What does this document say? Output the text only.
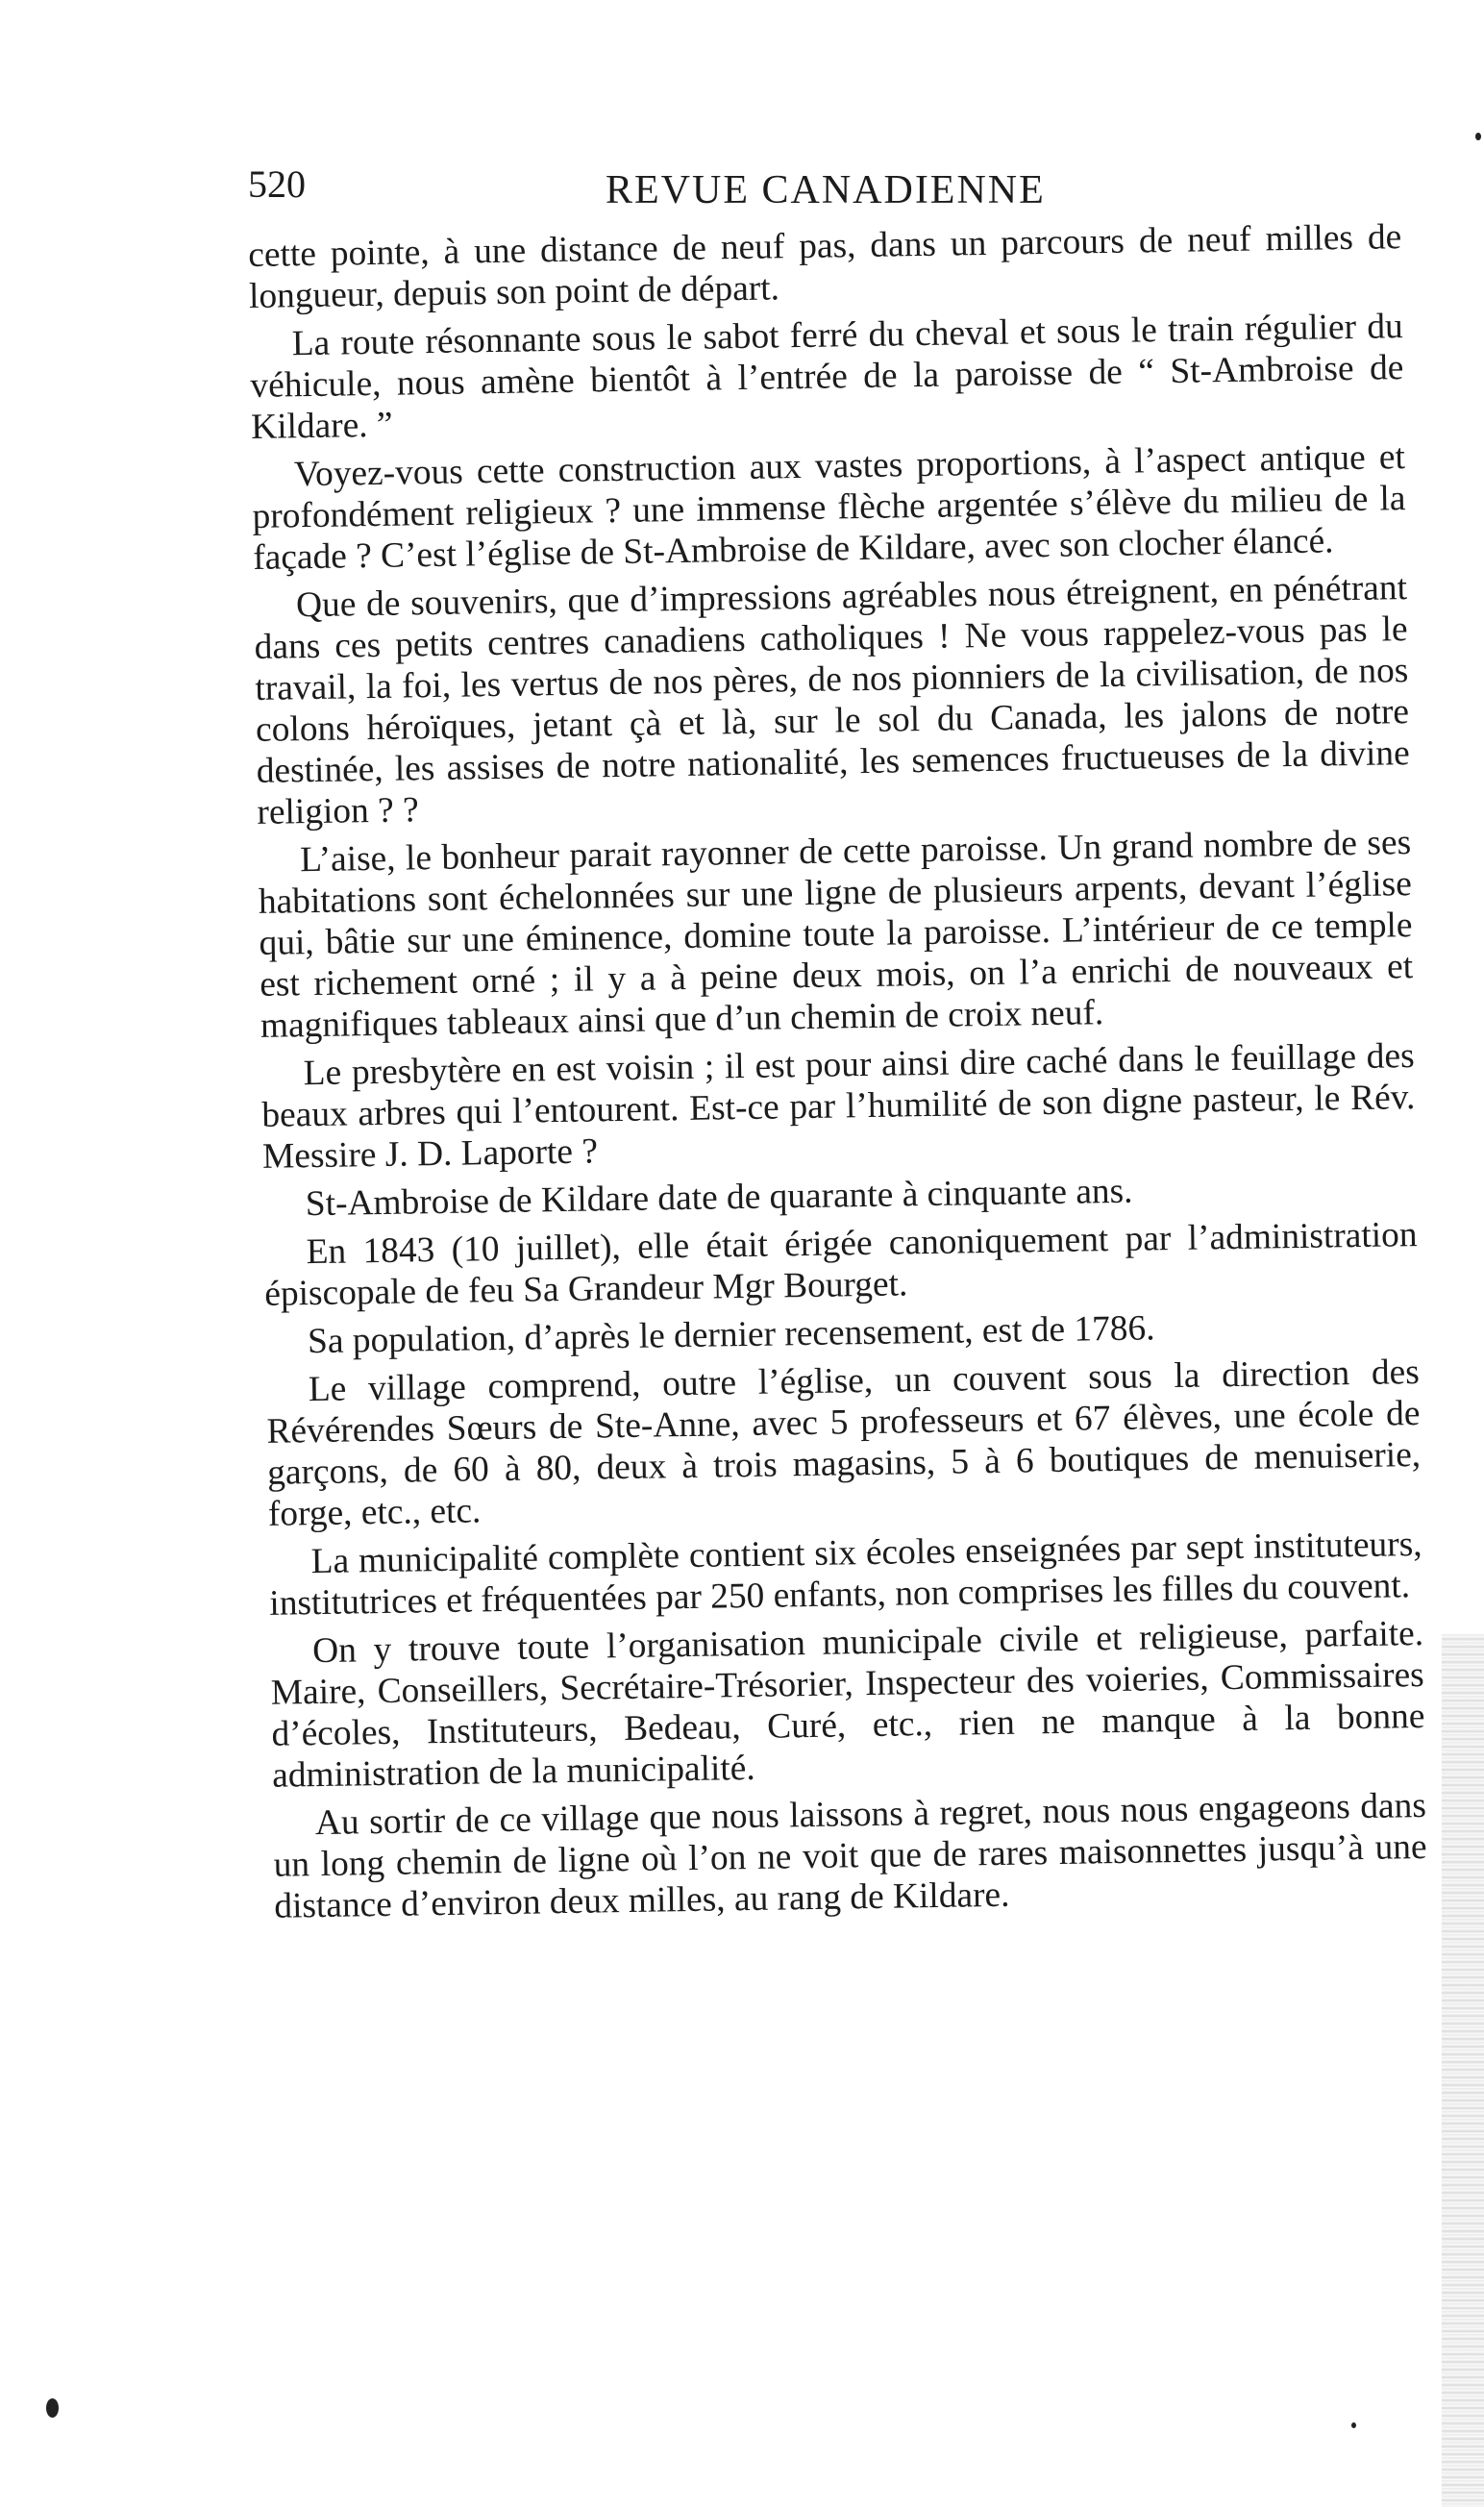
520	REVUE CANADIENNE

cette pointe, à une distance de neuf pas, dans un parcours de neuf milles de longueur, depuis son point de départ.

La route résonnante sous le sabot ferré du cheval et sous le train régulier du véhicule, nous amène bientôt à l’entrée de la paroisse de “ St-Ambroise de Kildare. ”

Voyez-vous cette construction aux vastes proportions, à l’aspect antique et profondément religieux ? une immense flèche argentée s’élève du milieu de la façade ? C’est l’église de St-Ambroise de Kildare, avec son clocher élancé.

Que de souvenirs, que d’impressions agréables nous étreignent, en pénétrant dans ces petits centres canadiens catholiques ! Ne vous rappelez-vous pas le travail, la foi, les vertus de nos pères, de nos pionniers de la civilisation, de nos colons héroïques, jetant çà et là, sur le sol du Canada, les jalons de notre destinée, les assises de notre nationalité, les semences fructueuses de la divine religion ? ?

L’aise, le bonheur parait rayonner de cette paroisse. Un grand nombre de ses habitations sont échelonnées sur une ligne de plusieurs arpents, devant l’église qui, bâtie sur une éminence, domine toute la paroisse. L’intérieur de ce temple est richement orné ; il y a à peine deux mois, on l’a enrichi de nouveaux et magnifiques tableaux ainsi que d’un chemin de croix neuf.

Le presbytère en est voisin ; il est pour ainsi dire caché dans le feuillage des beaux arbres qui l’entourent. Est-ce par l’humilité de son digne pasteur, le Rév. Messire J. D. Laporte ?

St-Ambroise de Kildare date de quarante à cinquante ans.

En 1843 (10 juillet), elle était érigée canoniquement par l’administration épiscopale de feu Sa Grandeur Mgr Bourget.

Sa population, d’après le dernier recensement, est de 1786.

Le village comprend, outre l’église, un couvent sous la direction des Révérendes Sœurs de Ste-Anne, avec 5 professeurs et 67 élèves, une école de garçons, de 60 à 80, deux à trois magasins, 5 à 6 boutiques de menuiserie, forge, etc., etc.

La municipalité complète contient six écoles enseignées par sept instituteurs, institutrices et fréquentées par 250 enfants, non comprises les filles du couvent.

On y trouve toute l’organisation municipale civile et religieuse, parfaite. Maire, Conseillers, Secrétaire-Trésorier, Inspecteur des voieries, Commissaires d’écoles, Instituteurs, Bedeau, Curé, etc., rien ne manque à la bonne administration de la municipalité.

Au sortir de ce village que nous laissons à regret, nous nous engageons dans un long chemin de ligne où l’on ne voit que de rares maisonnettes jusqu’à une distance d’environ deux milles, au rang de Kildare.
